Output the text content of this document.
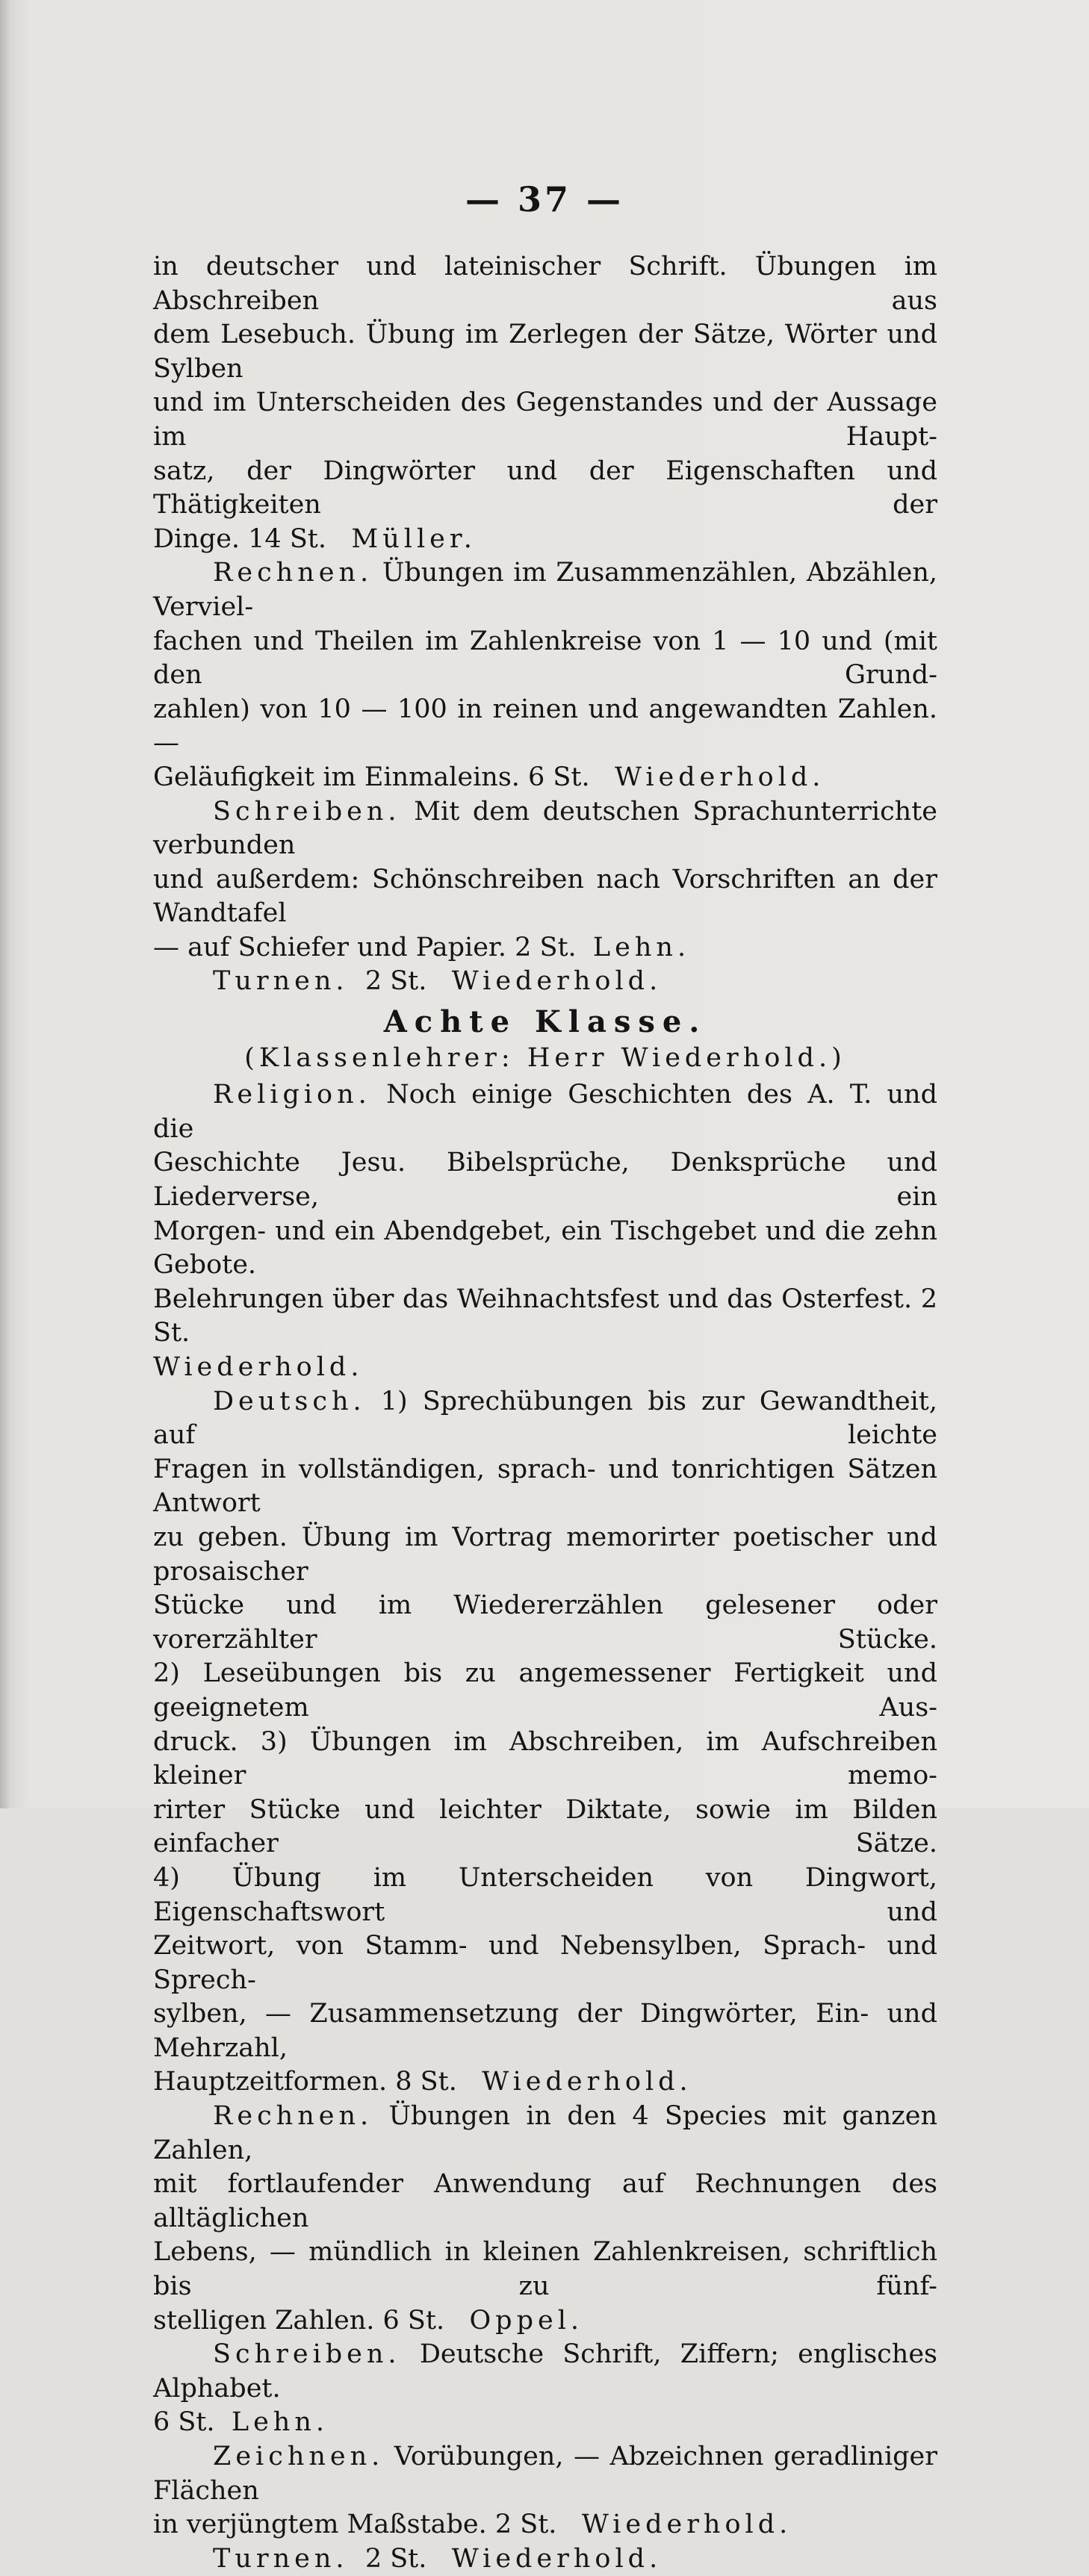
— 37 —

in deutscher und lateinischer Schrift. Übungen im Abschreiben aus

dem Lesebuch. Übung im Zerlegen der Sätze, Wörter und Sylben

und im Unterscheiden des Gegenstandes und der Aussage im Haupt-

satz, der Dingwörter und der Eigenschaften und Thätigkeiten der

Dinge. 14 St. Müller.

Rechnen. Übungen im Zusammenzählen, Abzählen, Verviel-

fachen und Theilen im Zahlenkreise von 1 — 10 und (mit den Grund-

zahlen) von 10 — 100 in reinen und angewandten Zahlen. —

Geläufigkeit im Einmaleins. 6 St. Wiederhold.

Schreiben. Mit dem deutschen Sprachunterrichte verbunden

und außerdem: Schönschreiben nach Vorschriften an der Wandtafel

— auf Schiefer und Papier. 2 St. Lehn.

Turnen. 2 St. Wiederhold.

Achte Klasse.

(Klassenlehrer: Herr Wiederhold.)

Religion. Noch einige Geschichten des A. T. und die

Geschichte Jesu. Bibelsprüche, Denksprüche und Liederverse, ein

Morgen- und ein Abendgebet, ein Tischgebet und die zehn Gebote.

Belehrungen über das Weihnachtsfest und das Osterfest. 2 St.

Wiederhold.

Deutsch. 1) Sprechübungen bis zur Gewandtheit, auf leichte

Fragen in vollständigen, sprach- und tonrichtigen Sätzen Antwort

zu geben. Übung im Vortrag memorirter poetischer und prosaischer

Stücke und im Wiedererzählen gelesener oder vorerzählter Stücke.

2) Leseübungen bis zu angemessener Fertigkeit und geeignetem Aus-

druck. 3) Übungen im Abschreiben, im Aufschreiben kleiner memo-

rirter Stücke und leichter Diktate, sowie im Bilden einfacher Sätze.

4) Übung im Unterscheiden von Dingwort, Eigenschaftswort und

Zeitwort, von Stamm- und Nebensylben, Sprach- und Sprech-

sylben, — Zusammensetzung der Dingwörter, Ein- und Mehrzahl,

Hauptzeitformen. 8 St. Wiederhold.

Rechnen. Übungen in den 4 Species mit ganzen Zahlen,

mit fortlaufender Anwendung auf Rechnungen des alltäglichen

Lebens, — mündlich in kleinen Zahlenkreisen, schriftlich bis zu fünf-

stelligen Zahlen. 6 St. Oppel.

Schreiben. Deutsche Schrift, Ziffern; englisches Alphabet.

6 St. Lehn.

Zeichnen. Vorübungen, — Abzeichnen geradliniger Flächen

in verjüngtem Maßstabe. 2 St. Wiederhold.

Turnen. 2 St. Wiederhold.
